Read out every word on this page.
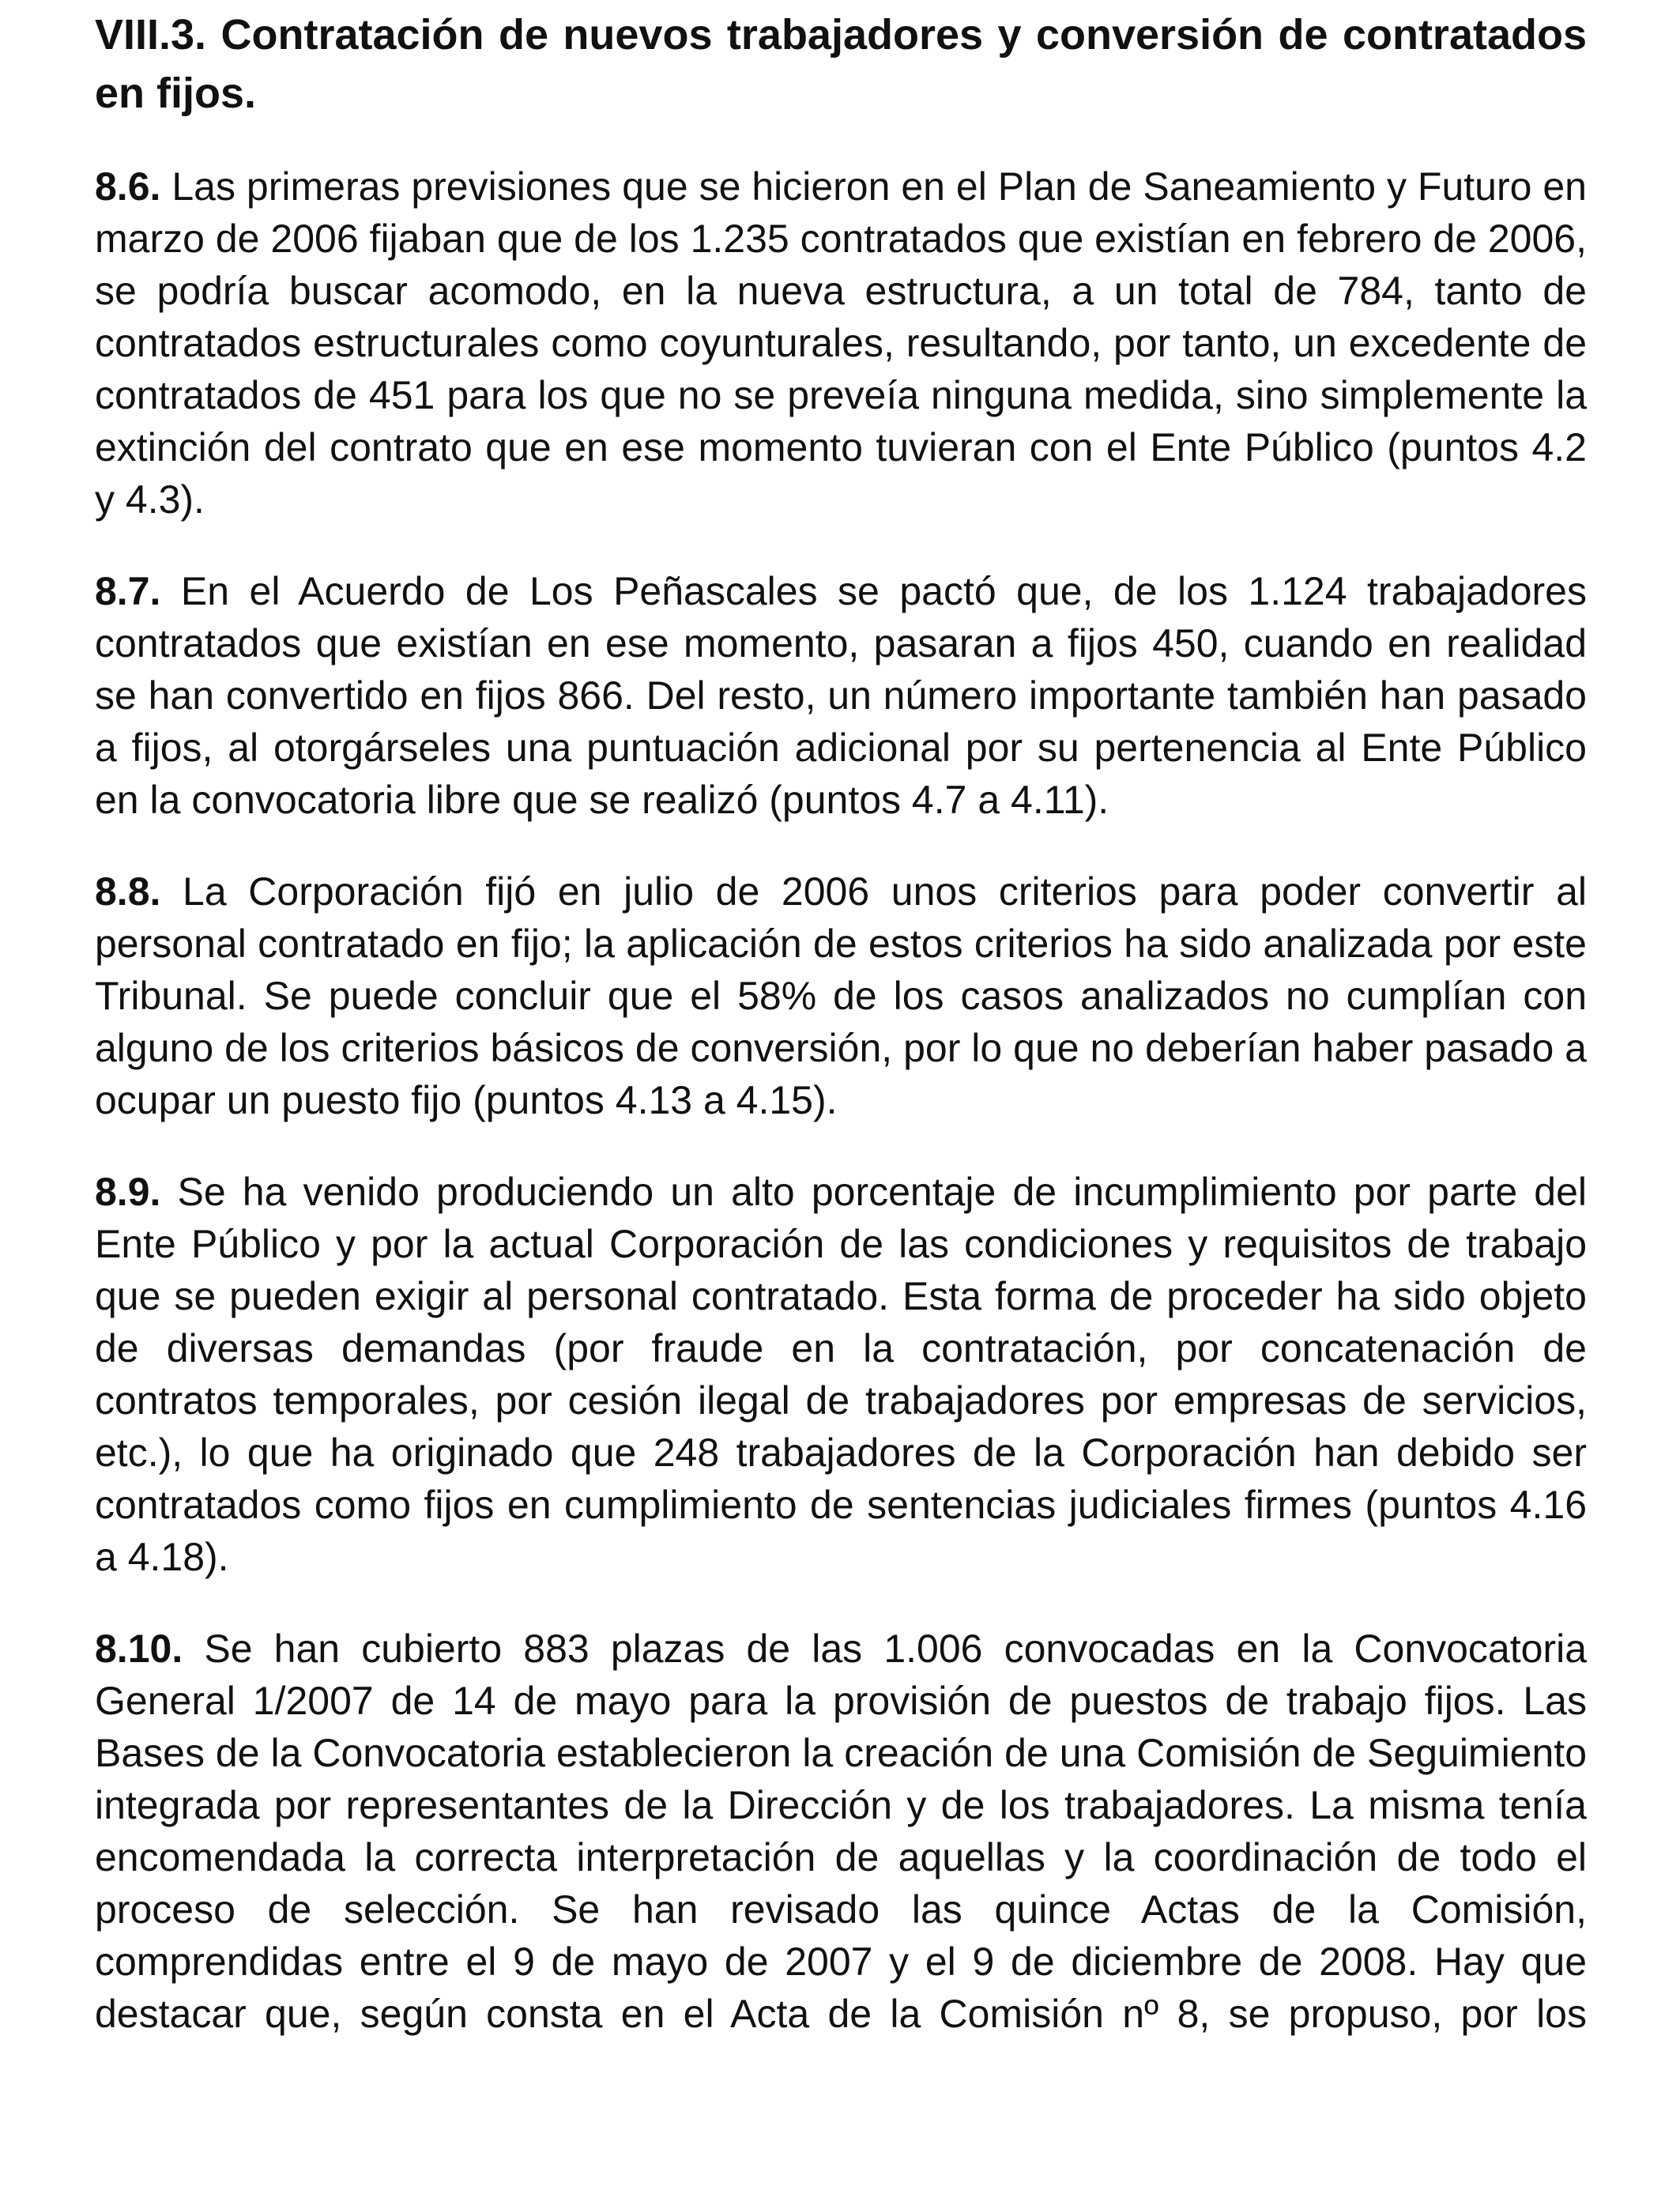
VIII.3. Contratación de nuevos trabajadores y conversión de contratados
en fijos.
8.6. Las primeras previsiones que se hicieron en el Plan de Saneamiento y Futuro en
marzo de 2006 fijaban que de los 1.235 contratados que existían en febrero de 2006,
se podría buscar acomodo, en la nueva estructura, a un total de 784, tanto de
contratados estructurales como coyunturales, resultando, por tanto, un excedente de
contratados de 451 para los que no se preveía ninguna medida, sino simplemente la
extinción del contrato que en ese momento tuvieran con el Ente Público (puntos 4.2
y 4.3).
8.7. En el Acuerdo de Los Peñascales se pactó que, de los 1.124 trabajadores
contratados que existían en ese momento, pasaran a fijos 450, cuando en realidad
se han convertido en fijos 866. Del resto, un número importante también han pasado
a fijos, al otorgárseles una puntuación adicional por su pertenencia al Ente Público
en la convocatoria libre que se realizó (puntos 4.7 a 4.11).
8.8. La Corporación fijó en julio de 2006 unos criterios para poder convertir al
personal contratado en fijo; la aplicación de estos criterios ha sido analizada por este
Tribunal. Se puede concluir que el 58% de los casos analizados no cumplían con
alguno de los criterios básicos de conversión, por lo que no deberían haber pasado a
ocupar un puesto fijo (puntos 4.13 a 4.15).
8.9. Se ha venido produciendo un alto porcentaje de incumplimiento por parte del
Ente Público y por la actual Corporación de las condiciones y requisitos de trabajo
que se pueden exigir al personal contratado. Esta forma de proceder ha sido objeto
de diversas demandas (por fraude en la contratación, por concatenación de
contratos temporales, por cesión ilegal de trabajadores por empresas de servicios,
etc.), lo que ha originado que 248 trabajadores de la Corporación han debido ser
contratados como fijos en cumplimiento de sentencias judiciales firmes (puntos 4.16
a 4.18).
8.10. Se han cubierto 883 plazas de las 1.006 convocadas en la Convocatoria
General 1/2007 de 14 de mayo para la provisión de puestos de trabajo fijos. Las
Bases de la Convocatoria establecieron la creación de una Comisión de Seguimiento
integrada por representantes de la Dirección y de los trabajadores. La misma tenía
encomendada la correcta interpretación de aquellas y la coordinación de todo el
proceso de selección. Se han revisado las quince Actas de la Comisión,
comprendidas entre el 9 de mayo de 2007 y el 9 de diciembre de 2008. Hay que
destacar que, según consta en el Acta de la Comisión nº 8, se propuso, por los
